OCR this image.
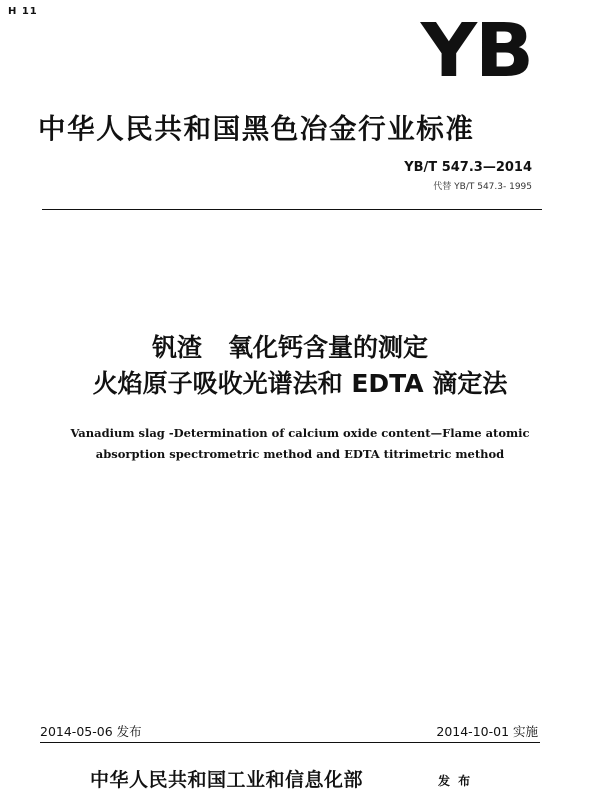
H 11	YB
中华人民共和国黑色冶金行业标准
YB/T 547.3—2014
代替 YB/T 547.3- 1995
钒渣   氧化钙含量的测定
火焰原子吸收光谱法和 EDTA 滴定法
Vanadium slag -Determination of calcium oxide content—Flame atomic
absorption spectrometric method and EDTA titrimetric method
2014-05-06 发布	2014-10-01 实施
中华人民共和国工业和信息化部	发 布
